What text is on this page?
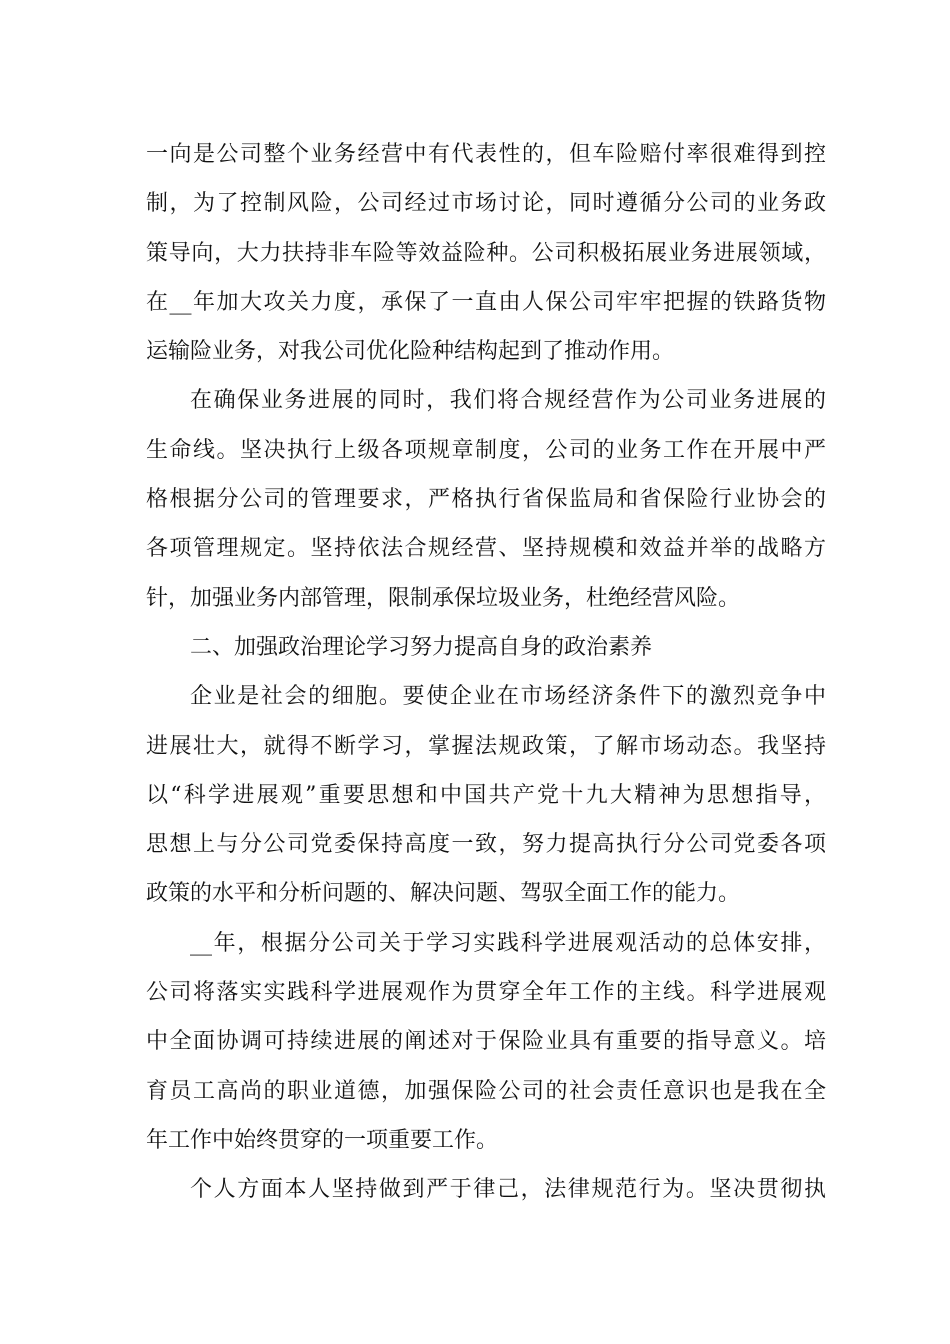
一向是公司整个业务经营中有代表性的，但车险赔付率很难得到控
制，为了控制风险，公司经过市场讨论，同时遵循分公司的业务政
策导向，大力扶持非车险等效益险种。公司积极拓展业务进展领域，
在__年加大攻关力度，承保了一直由人保公司牢牢把握的铁路货物
运输险业务，对我公司优化险种结构起到了推动作用。
在确保业务进展的同时，我们将合规经营作为公司业务进展的
生命线。坚决执行上级各项规章制度，公司的业务工作在开展中严
格根据分公司的管理要求，严格执行省保监局和省保险行业协会的
各项管理规定。坚持依法合规经营、坚持规模和效益并举的战略方
针，加强业务内部管理，限制承保垃圾业务，杜绝经营风险。
二、加强政治理论学习努力提高自身的政治素养
企业是社会的细胞。要使企业在市场经济条件下的激烈竞争中
进展壮大，就得不断学习，掌握法规政策，了解市场动态。我坚持
以“科学进展观”重要思想和中国共产党十九大精神为思想指导，
思想上与分公司党委保持高度一致，努力提高执行分公司党委各项
政策的水平和分析问题的、解决问题、驾驭全面工作的能力。
__年，根据分公司关于学习实践科学进展观活动的总体安排，
公司将落实实践科学进展观作为贯穿全年工作的主线。科学进展观
中全面协调可持续进展的阐述对于保险业具有重要的指导意义。培
育员工高尚的职业道德，加强保险公司的社会责任意识也是我在全
年工作中始终贯穿的一项重要工作。
个人方面本人坚持做到严于律己，法律规范行为。坚决贯彻执
